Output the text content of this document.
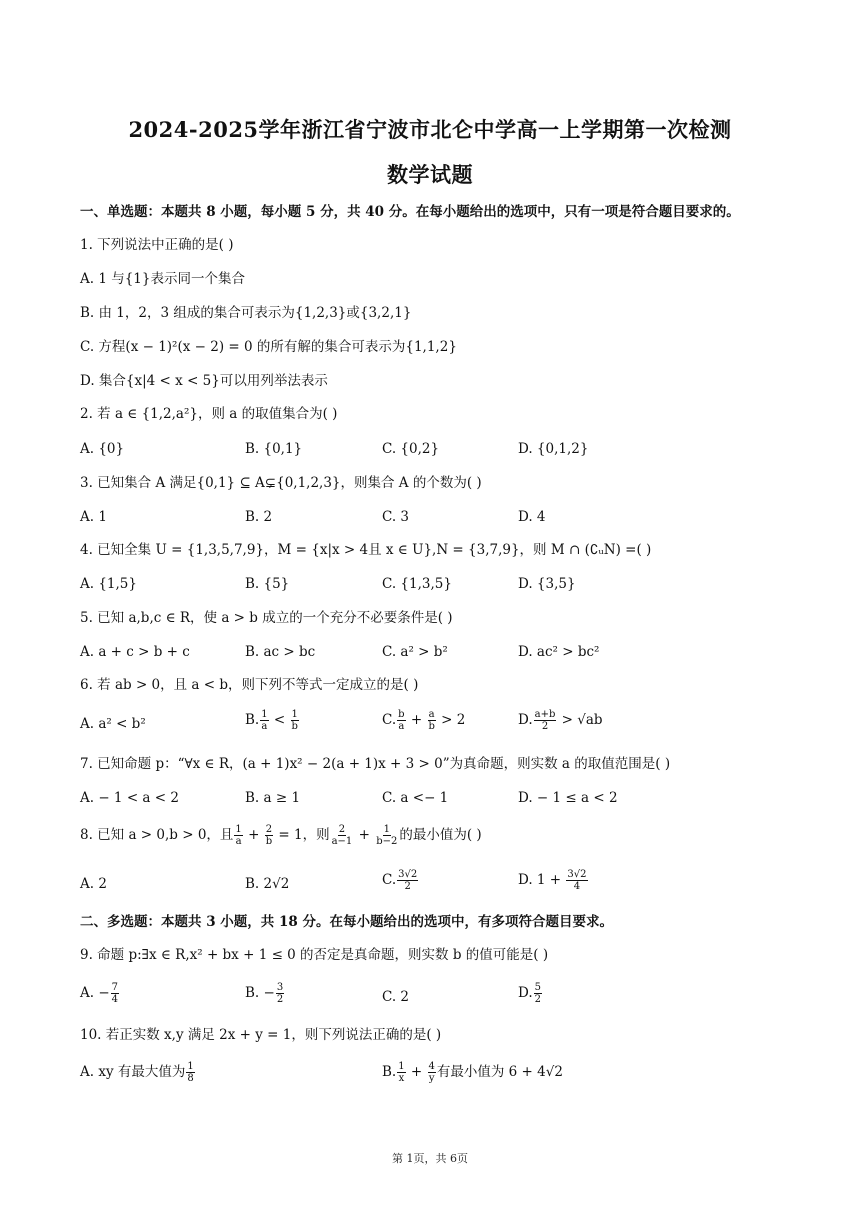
2024-2025学年浙江省宁波市北仑中学高一上学期第一次检测
数学试题
一、单选题：本题共 8 小题，每小题 5 分，共 40 分。在每小题给出的选项中，只有一项是符合题目要求的。
1. 下列说法中正确的是( )
A. 1 与{1}表示同一个集合
B. 由 1，2，3 组成的集合可表示为{1,2,3}或{3,2,1}
C. 方程(x − 1)²(x − 2) = 0 的所有解的集合可表示为{1,1,2}
D. 集合{x|4 < x < 5}可以用列举法表示
2. 若 a ∈ {1,2,a²}，则 a 的取值集合为( )
A. {0}	B. {0,1}	C. {0,2}	D. {0,1,2}
3. 已知集合 A 满足{0,1} ⊆ A⊊{0,1,2,3}，则集合 A 的个数为( )
A. 1	B. 2	C. 3	D. 4
4. 已知全集 U = {1,3,5,7,9}，M = {x|x > 4且 x ∈ U},N = {3,7,9}，则 M ∩ (∁ᵤN) =( )
A. {1,5}	B. {5}	C. {1,3,5}	D. {3,5}
5. 已知 a,b,c ∈ R，使 a > b 成立的一个充分不必要条件是( )
A. a + c > b + c	B. ac > bc	C. a² > b²	D. ac² > bc²
6. 若 ab > 0，且 a < b，则下列不等式一定成立的是( )
A. a² < b²	B. $\frac{1}{a} < \frac{1}{b}$	C. $\frac{b}{a} + \frac{a}{b} > 2$	D. $\frac{a+b}{2} > √ab$
7. 已知命题 p：“∀x ∈ R，(a + 1)x² − 2(a + 1)x + 3 > 0”为真命题，则实数 a 的取值范围是( )
A. − 1 < a < 2	B. a ≥ 1	C. a <− 1	D. − 1 ≤ a < 2
8. 已知 a > 0,b > 0，且 $\frac{1}{a} + \frac{2}{b} = 1$，则 $\frac{2}{a-1} + \frac{1}{b-2}$ 的最小值为( )
A. 2	B. 2√2	C. $\frac{3√2}{2}$	D. $1 + \frac{3√2}{4}$
二、多选题：本题共 3 小题，共 18 分。在每小题给出的选项中，有多项符合题目要求。
9. 命题 p:∃x ∈ R,x² + bx + 1 ≤ 0 的否定是真命题，则实数 b 的值可能是( )
A. − $\frac{7}{4}$	B. − $\frac{3}{2}$	C. 2	D. $\frac{5}{2}$
10. 若正实数 x,y 满足 2x + y = 1，则下列说法正确的是( )
A. xy 有最大值为 $\frac{1}{8}$	B. $\frac{1}{x} + \frac{4}{y}$ 有最小值为 6 + 4√2
第 1页，共 6页
